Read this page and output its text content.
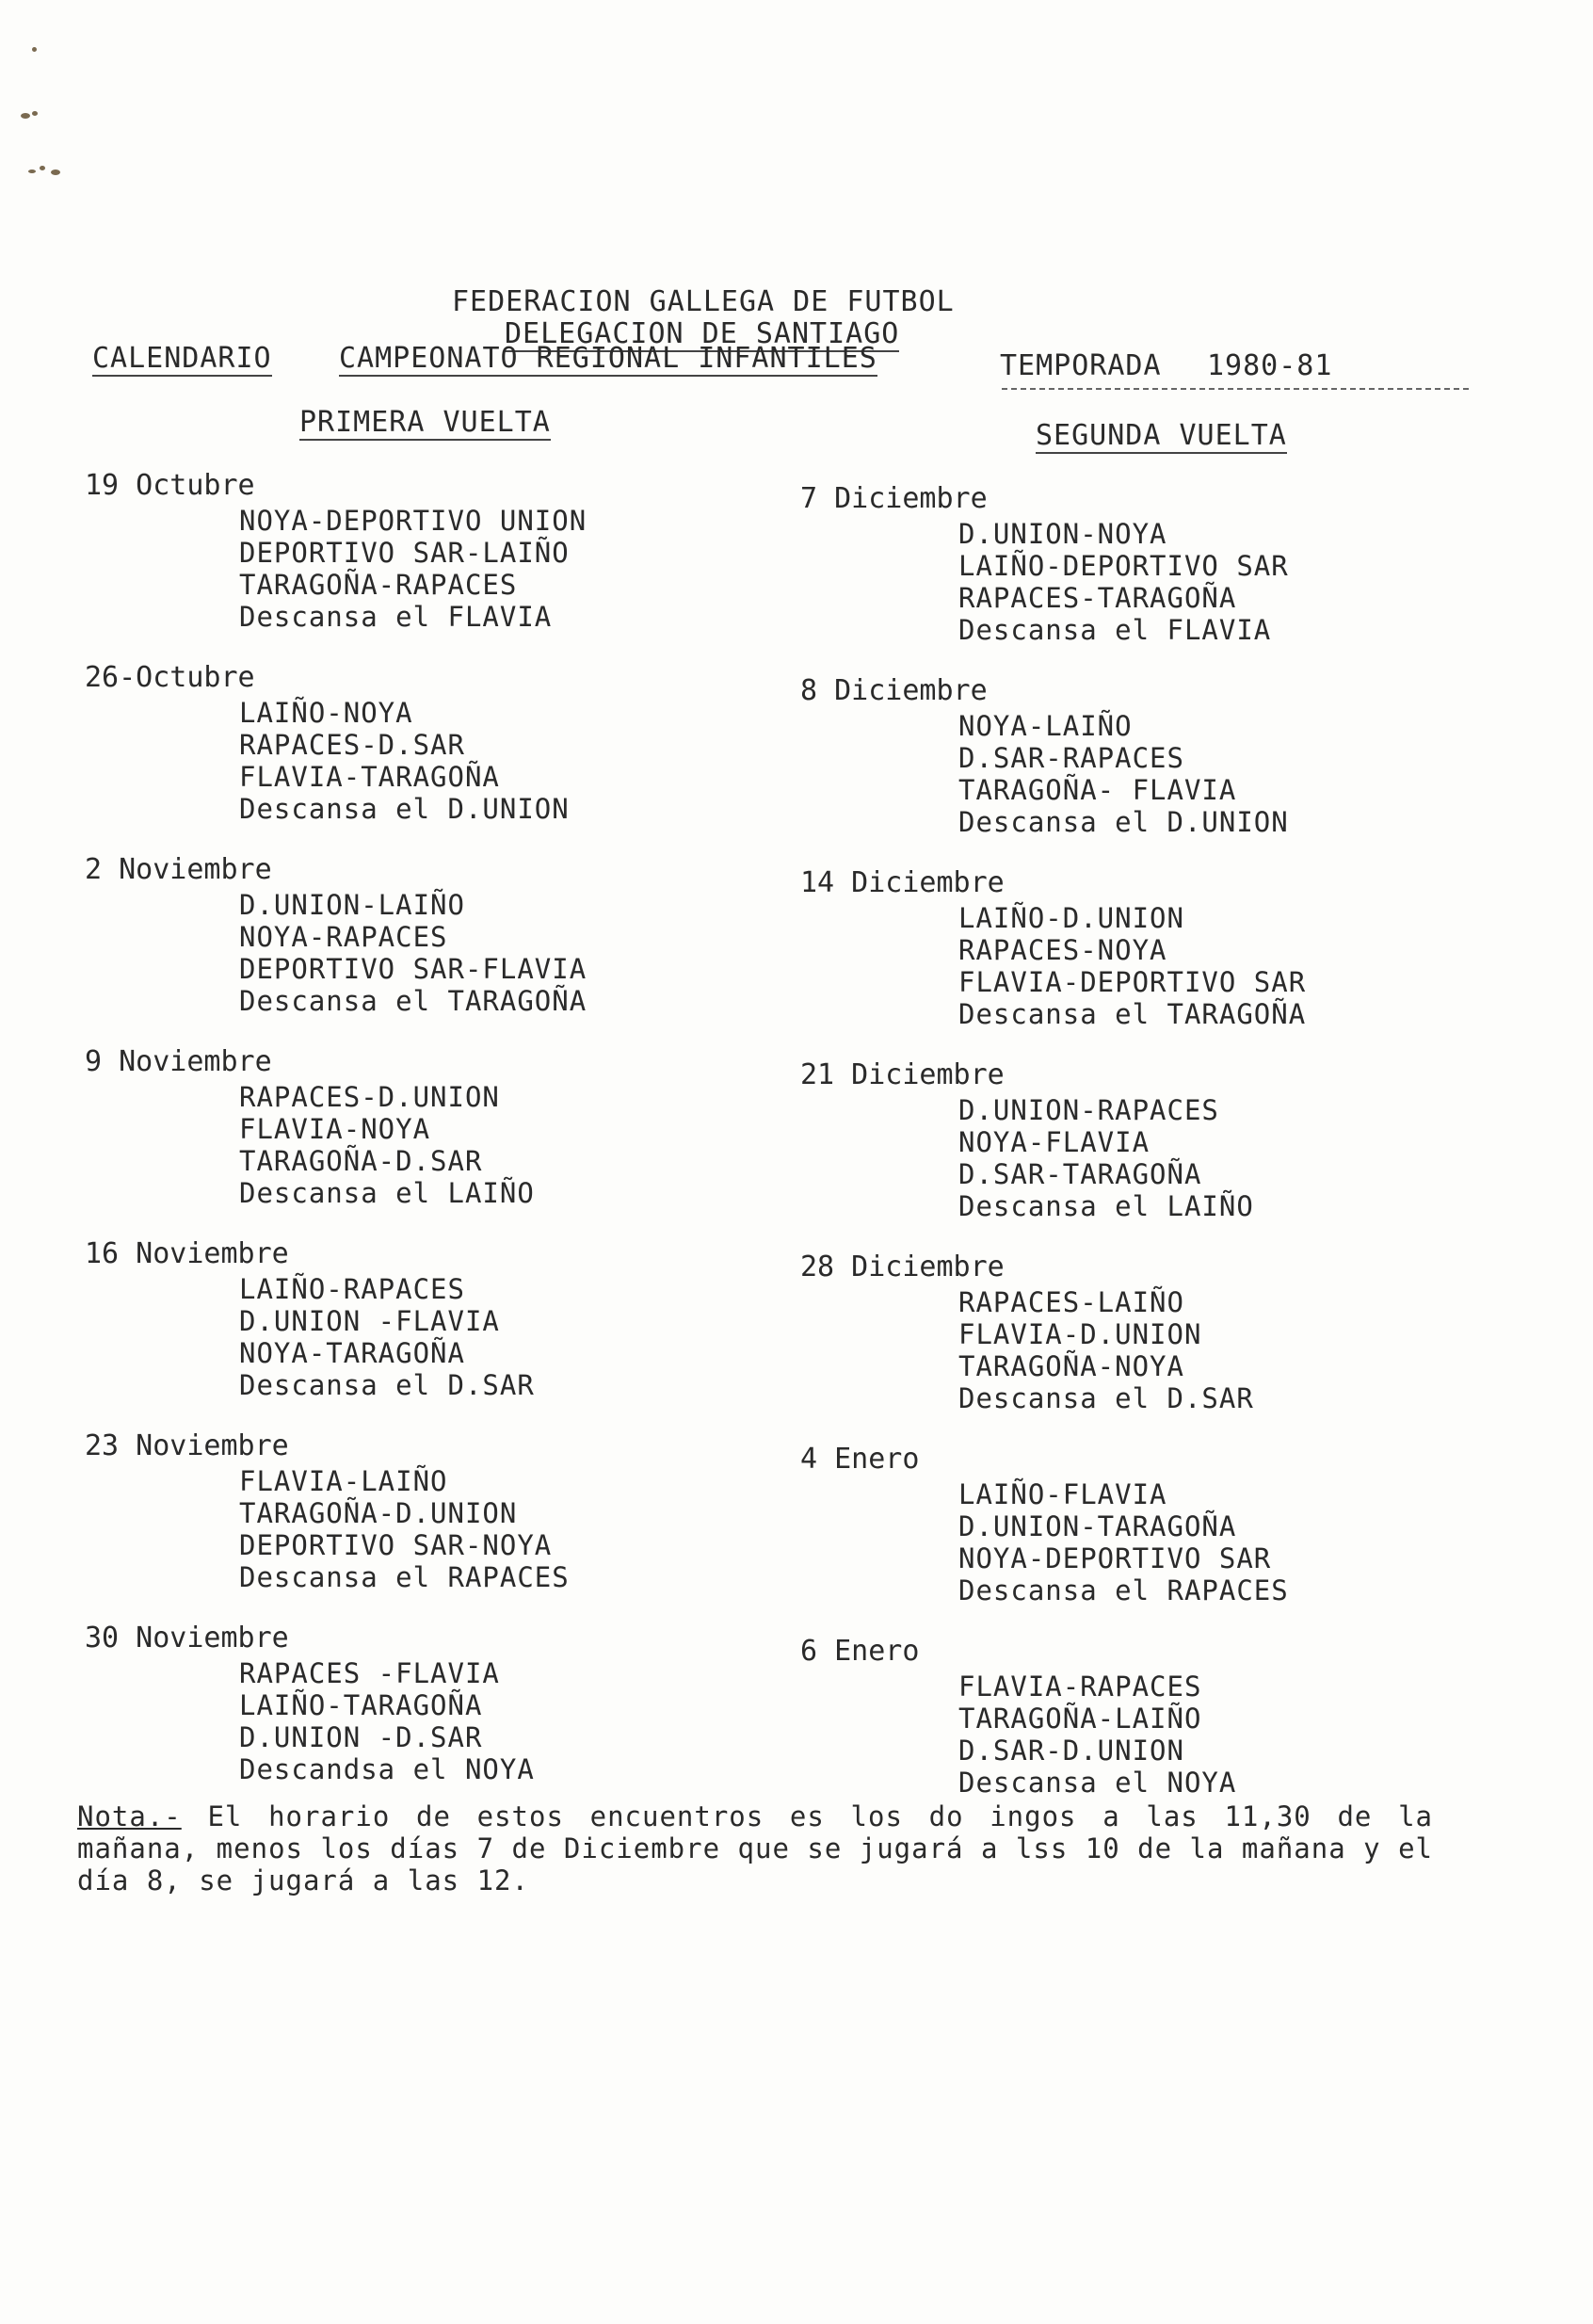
FEDERACION GALLEGA DE FUTBOL
DELEGACION DE SANTIAGO
CALENDARIO CAMPEONATO REGIONAL INFANTILES	TEMPORADA 1980-81
PRIMERA VUELTA	SEGUNDA VUELTA
19 Octubre
NOYA-DEPORTIVO UNION
DEPORTIVO SAR-LAIÑO
TARAGOÑA-RAPACES
Descansa el FLAVIA
26-Octubre
LAIÑO-NOYA
RAPACES-D.SAR
FLAVIA-TARAGOÑA
Descansa el D.UNION
2 Noviembre
D.UNION-LAIÑO
NOYA-RAPACES
DEPORTIVO SAR-FLAVIA
Descansa el TARAGOÑA
9 Noviembre
RAPACES-D.UNION
FLAVIA-NOYA
TARAGOÑA-D.SAR
Descansa el LAIÑO
16 Noviembre
LAIÑO-RAPACES
D.UNION -FLAVIA
NOYA-TARAGOÑA
Descansa el D.SAR
23 Noviembre
FLAVIA-LAIÑO
TARAGOÑA-D.UNION
DEPORTIVO SAR-NOYA
Descansa el RAPACES
30 Noviembre
RAPACES -FLAVIA
LAIÑO-TARAGOÑA
D.UNION -D.SAR
Descandsa el NOYA
7 Diciembre
D.UNION-NOYA
LAIÑO-DEPORTIVO SAR
RAPACES-TARAGOÑA
Descansa el FLAVIA
8 Diciembre
NOYA-LAIÑO
D.SAR-RAPACES
TARAGOÑA- FLAVIA
Descansa el D.UNION
14 Diciembre
LAIÑO-D.UNION
RAPACES-NOYA
FLAVIA-DEPORTIVO SAR
Descansa el TARAGOÑA
21 Diciembre
D.UNION-RAPACES
NOYA-FLAVIA
D.SAR-TARAGOÑA
Descansa el LAIÑO
28 Diciembre
RAPACES-LAIÑO
FLAVIA-D.UNION
TARAGOÑA-NOYA
Descansa el D.SAR
4 Enero
LAIÑO-FLAVIA
D.UNION-TARAGOÑA
NOYA-DEPORTIVO SAR
Descansa el RAPACES
6 Enero
FLAVIA-RAPACES
TARAGOÑA-LAIÑO
D.SAR-D.UNION
Descansa el NOYA
Nota.- El horario de estos encuentros es los do ingos a las 11,30 de la mañana, menos los días 7 de Diciembre que se jugará a lss 10 de la mañana y el día 8, se jugará a las 12.
